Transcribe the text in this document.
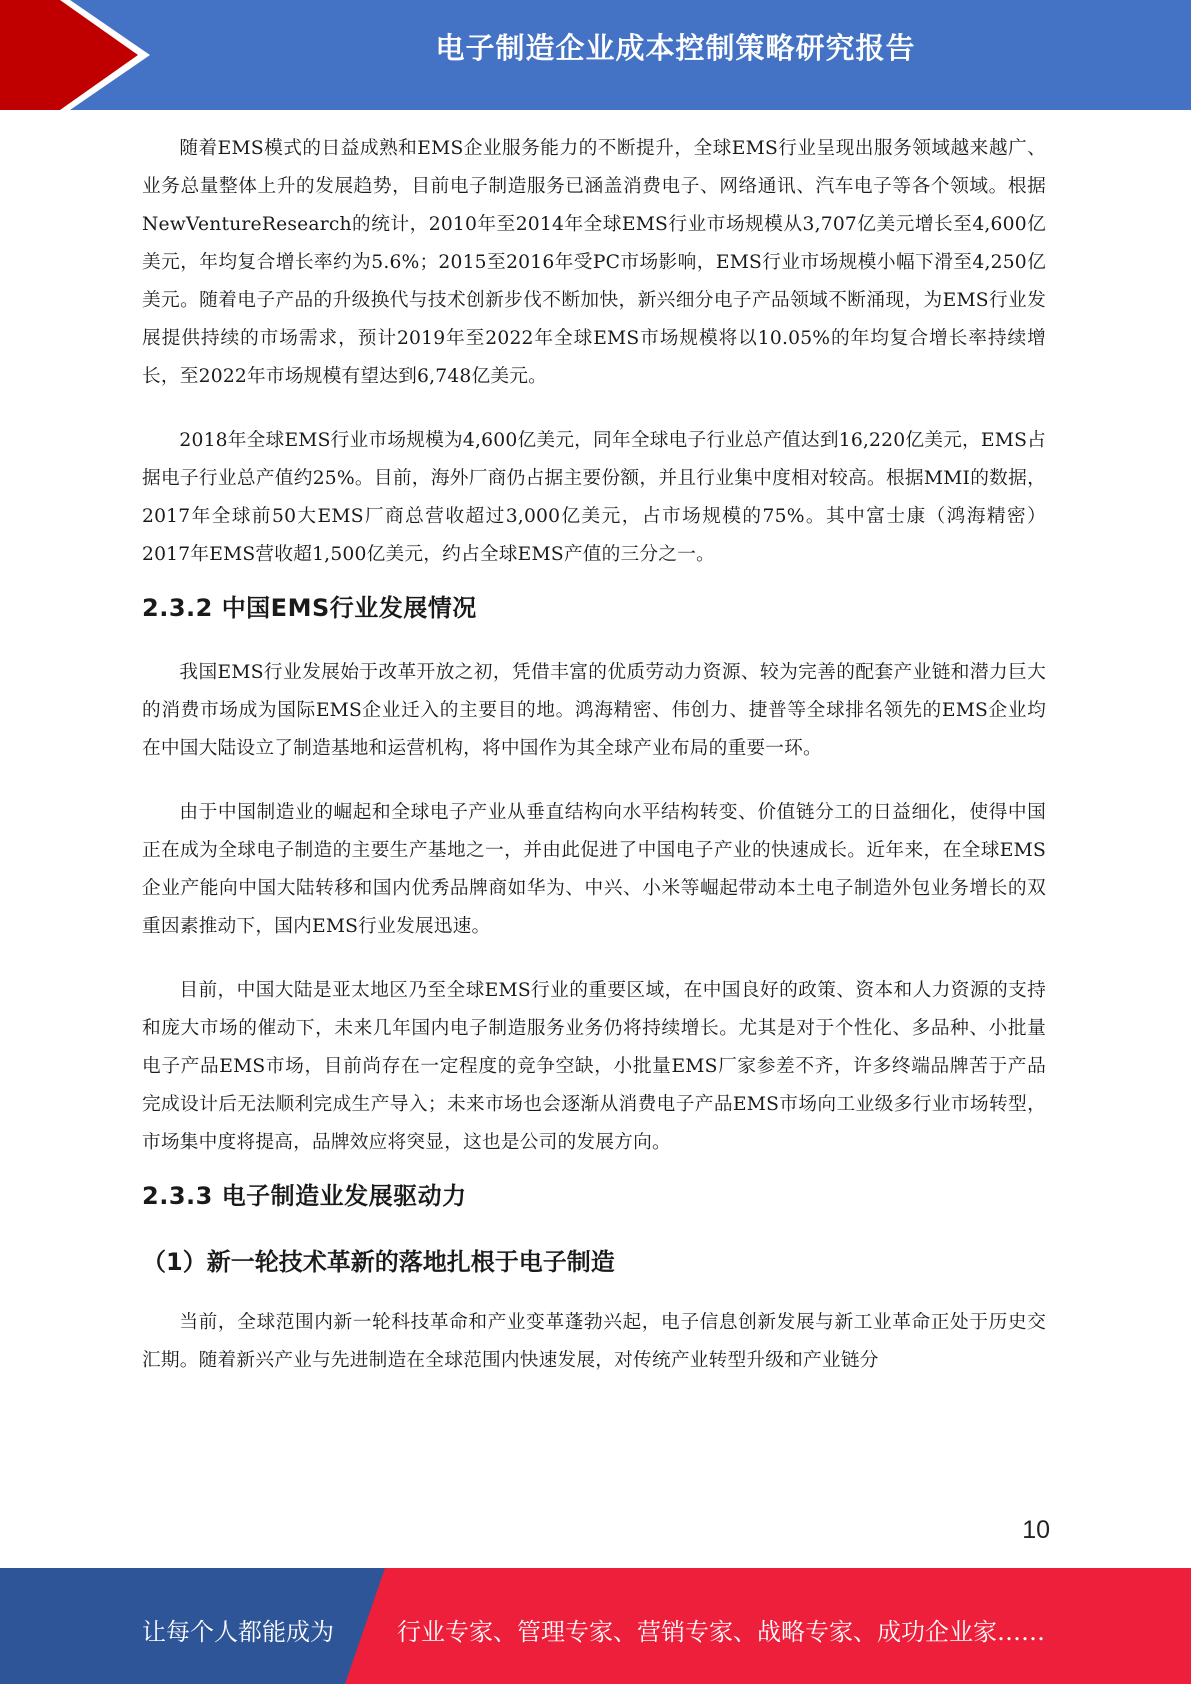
电子制造企业成本控制策略研究报告

随着EMS模式的日益成熟和EMS企业服务能力的不断提升，全球EMS行业呈现出服务领域越来越广、业务总量整体上升的发展趋势，目前电子制造服务已涵盖消费电子、网络通讯、汽车电子等各个领域。根据NewVentureResearch的统计，2010年至2014年全球EMS行业市场规模从3,707亿美元增长至4,600亿美元，年均复合增长率约为5.6%；2015至2016年受PC市场影响，EMS行业市场规模小幅下滑至4,250亿美元。随着电子产品的升级换代与技术创新步伐不断加快，新兴细分电子产品领域不断涌现，为EMS行业发展提供持续的市场需求，预计2019年至2022年全球EMS市场规模将以10.05%的年均复合增长率持续增长，至2022年市场规模有望达到6,748亿美元。

2018年全球EMS行业市场规模为4,600亿美元，同年全球电子行业总产值达到16,220亿美元，EMS占据电子行业总产值约25%。目前，海外厂商仍占据主要份额，并且行业集中度相对较高。根据MMI的数据，2017年全球前50大EMS厂商总营收超过3,000亿美元，占市场规模的75%。其中富士康（鸿海精密）2017年EMS营收超1,500亿美元，约占全球EMS产值的三分之一。

2.3.2 中国EMS行业发展情况

我国EMS行业发展始于改革开放之初，凭借丰富的优质劳动力资源、较为完善的配套产业链和潜力巨大的消费市场成为国际EMS企业迁入的主要目的地。鸿海精密、伟创力、捷普等全球排名领先的EMS企业均在中国大陆设立了制造基地和运营机构，将中国作为其全球产业布局的重要一环。

由于中国制造业的崛起和全球电子产业从垂直结构向水平结构转变、价值链分工的日益细化，使得中国正在成为全球电子制造的主要生产基地之一，并由此促进了中国电子产业的快速成长。近年来，在全球EMS企业产能向中国大陆转移和国内优秀品牌商如华为、中兴、小米等崛起带动本土电子制造外包业务增长的双重因素推动下，国内EMS行业发展迅速。

目前，中国大陆是亚太地区乃至全球EMS行业的重要区域，在中国良好的政策、资本和人力资源的支持和庞大市场的催动下，未来几年国内电子制造服务业务仍将持续增长。尤其是对于个性化、多品种、小批量电子产品EMS市场，目前尚存在一定程度的竞争空缺，小批量EMS厂家参差不齐，许多终端品牌苦于产品完成设计后无法顺利完成生产导入；未来市场也会逐渐从消费电子产品EMS市场向工业级多行业市场转型，市场集中度将提高，品牌效应将突显，这也是公司的发展方向。

2.3.3 电子制造业发展驱动力
（1）新一轮技术革新的落地扎根于电子制造

当前，全球范围内新一轮科技革命和产业变革蓬勃兴起，电子信息创新发展与新工业革命正处于历史交汇期。随着新兴产业与先进制造在全球范围内快速发展，对传统产业转型升级和产业链分

10
让每个人都能成为	行业专家、管理专家、营销专家、战略专家、成功企业家……
